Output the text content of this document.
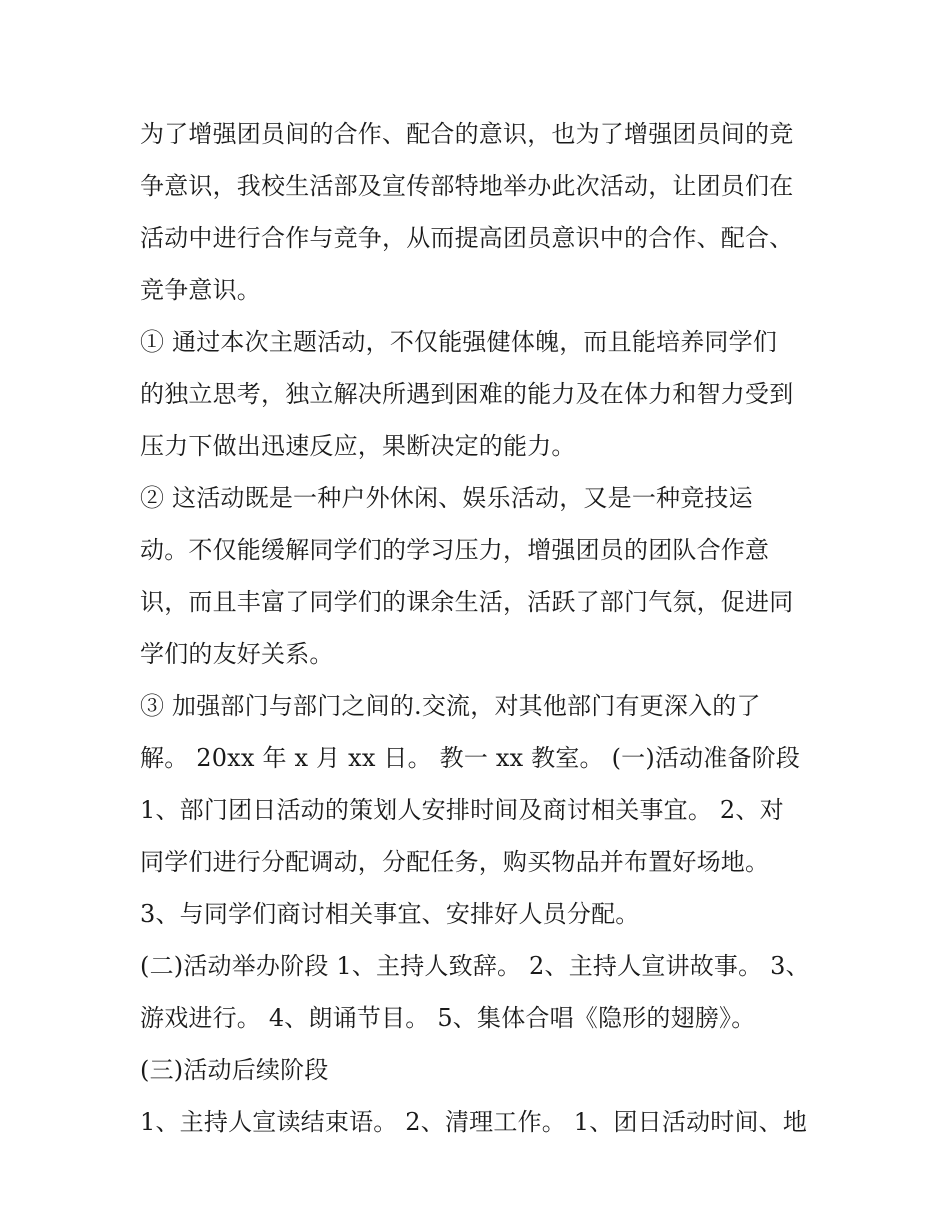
为了增强团员间的合作、配合的意识，也为了增强团员间的竞
争意识，我校生活部及宣传部特地举办此次活动，让团员们在
活动中进行合作与竞争，从而提高团员意识中的合作、配合、
竞争意识。
① 通过本次主题活动，不仅能强健体魄，而且能培养同学们
的独立思考，独立解决所遇到困难的能力及在体力和智力受到
压力下做出迅速反应，果断决定的能力。
② 这活动既是一种户外休闲、娱乐活动，又是一种竞技运
动。不仅能缓解同学们的学习压力，增强团员的团队合作意
识，而且丰富了同学们的课余生活，活跃了部门气氛，促进同
学们的友好关系。
③ 加强部门与部门之间的.交流，对其他部门有更深入的了
解。 20xx 年 x 月 xx 日。 教一 xx 教室。 (一)活动准备阶段
1、部门团日活动的策划人安排时间及商讨相关事宜。 2、对
同学们进行分配调动，分配任务，购买物品并布置好场地。
3、与同学们商讨相关事宜、安排好人员分配。
(二)活动举办阶段 1、主持人致辞。 2、主持人宣讲故事。 3、
游戏进行。 4、朗诵节目。 5、集体合唱《隐形的翅膀》。
(三)活动后续阶段
1、主持人宣读结束语。 2、清理工作。 1、团日活动时间、地
